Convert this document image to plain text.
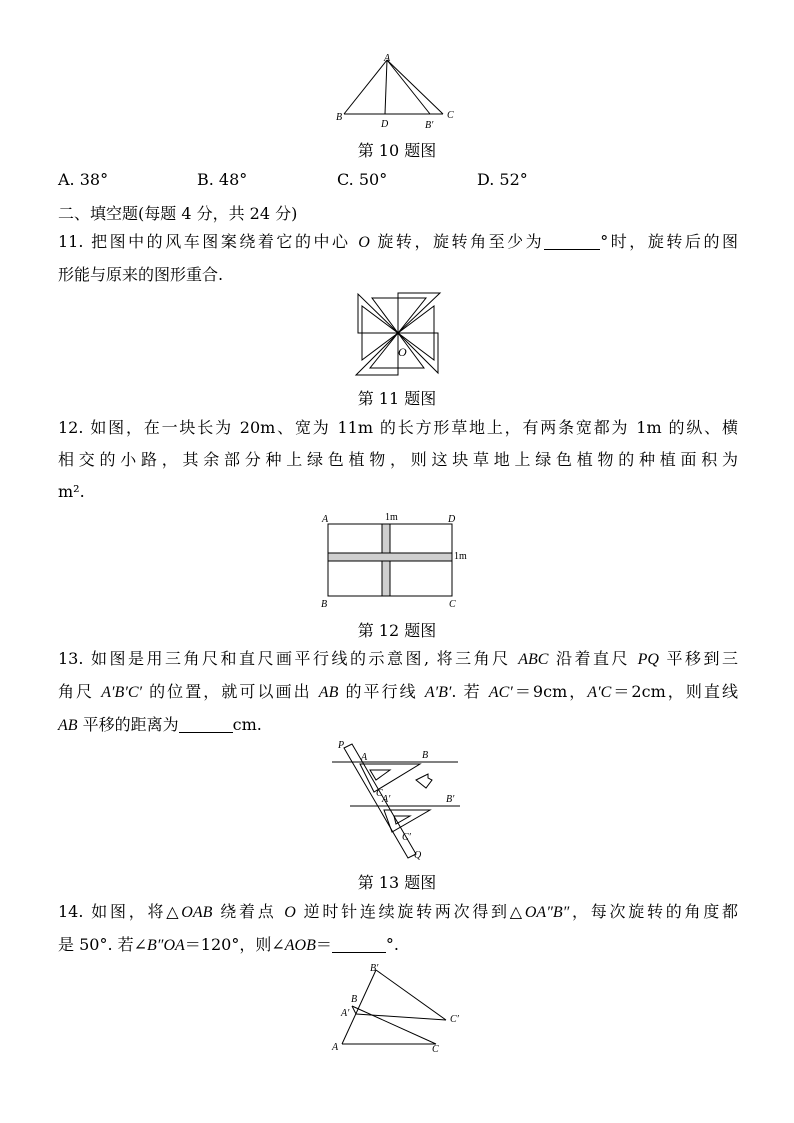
A
B
D	B′
C
第 10 题图
A. 38°	B. 48°	C. 50°	D. 52°
二、填空题(每题 4 分，共 24 分)
11. 把图中的风车图案绕着它的中心 O 旋转，旋转角至少为	°时，旋转后的图
形能与原来的图形重合.
O
第 11 题图
12. 如图，在一块长为 20m、宽为 11m 的长方形草地上，有两条宽都为 1m 的纵、横
相交的小路，其余部分种上绿色植物，则这块草地上绿色植物的种植面积为
m².
A	1m	D
1m
B	C
第 12 题图
13. 如图是用三角尺和直尺画平行线的示意图, 将三角尺 ABC 沿着直尺 PQ 平移到三
角尺 A′B′C′ 的位置，就可以画出 AB 的平行线 A′B′. 若 AC′＝9cm，A′C＝2cm，则直线
AB 平移的距离为	cm.
P
A	B
C
A′	B′
C′
Q
第 13 题图
14. 如图，将△OAB 绕着点 O 逆时针连续旋转两次得到△OA″B″，每次旋转的角度都
是 50°. 若∠B″OA＝120°，则∠AOB＝	°.
B′
B
A′
C′
A	C
